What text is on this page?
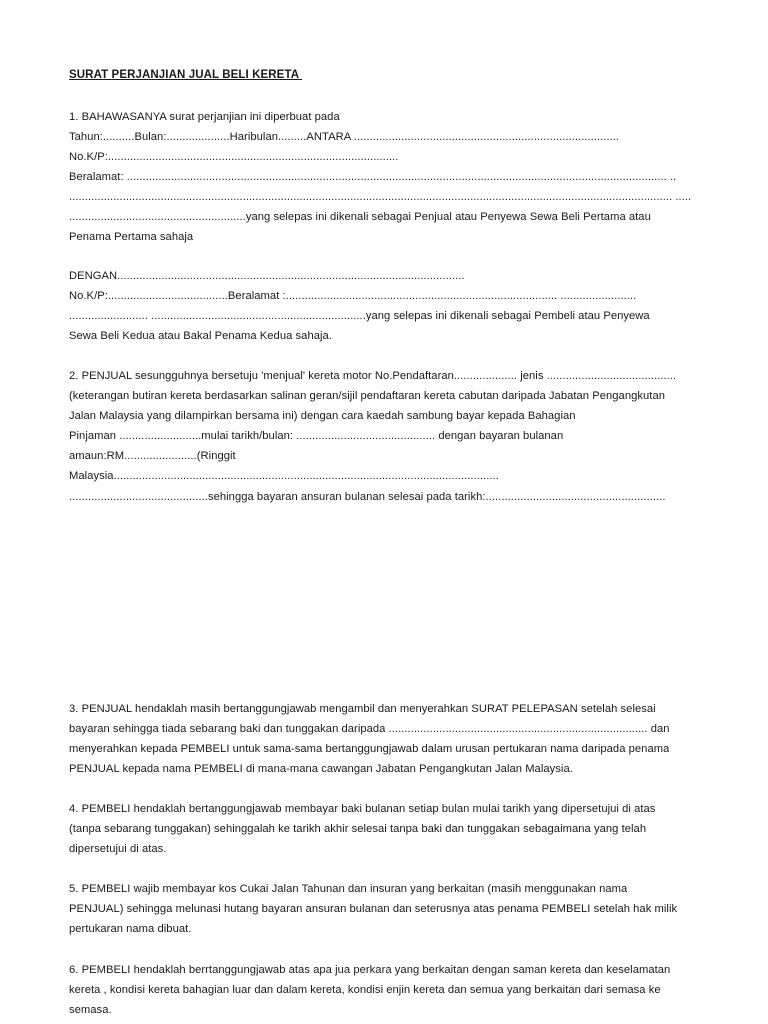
SURAT PERJANJIAN JUAL BELI KERETA
1. BAHAWASANYA surat perjanjian ini diperbuat pada
Tahun:..........Bulan:....................Haribulan.........ANTARA ....................................................................................
No.K/P:............................................................................................
Beralamat: ........................................................................................................................................................................... ..
............................................................................................................................................................................................... .....
........................................................yang selepas ini dikenali sebagai Penjual atau Penyewa Sewa Beli Pertama atau
Penama Pertama sahaja
DENGAN..............................................................................................................
No.K/P:......................................Beralamat :...................................................................................... ........................
......................... ....................................................................yang selepas ini dikenali sebagai Pembeli atau Penyewa
Sewa Beli Kedua atau Bakal Penama Kedua sahaja.
2. PENJUAL sesungguhnya bersetuju 'menjual' kereta motor No.Pendaftaran.................... jenis .........................................
(keterangan butiran kereta berdasarkan salinan geran/sijil pendaftaran kereta cabutan daripada Jabatan Pengangkutan
Jalan Malaysia yang dilampirkan bersama ini) dengan cara kaedah sambung bayar kepada Bahagian
Pinjaman ..........................mulai tarikh/bulan: ............................................ dengan bayaran bulanan
amaun:RM.......................(Ringgit
Malaysia..........................................................................................................................
............................................sehingga bayaran ansuran bulanan selesai pada tarikh:.........................................................
3. PENJUAL hendaklah masih bertanggungjawab mengambil dan menyerahkan SURAT PELEPASAN setelah selesai
bayaran sehingga tiada sebarang baki dan tunggakan daripada .................................................................................. dan
menyerahkan kepada PEMBELI untuk sama-sama bertanggungjawab dalam urusan pertukaran nama daripada penama
PENJUAL kepada nama PEMBELI di mana-mana cawangan Jabatan Pengangkutan Jalan Malaysia.
4. PEMBELI hendaklah bertanggungjawab membayar baki bulanan setiap bulan mulai tarikh yang dipersetujui di atas
(tanpa sebarang tunggakan) sehinggalah ke tarikh akhir selesai tanpa baki dan tunggakan sebagaimana yang telah
dipersetujui di atas.
5. PEMBELI wajib membayar kos Cukai Jalan Tahunan dan insuran yang berkaitan (masih menggunakan nama
PENJUAL) sehingga melunasi hutang bayaran ansuran bulanan dan seterusnya atas penama PEMBELI setelah hak milik
pertukaran nama dibuat.
6. PEMBELI hendaklah berrtanggungjawab atas apa jua perkara yang berkaitan dengan saman kereta dan keselamatan
kereta , kondisi kereta bahagian luar dan dalam kereta, kondisi enjin kereta dan semua yang berkaitan dari semasa ke
semasa.
